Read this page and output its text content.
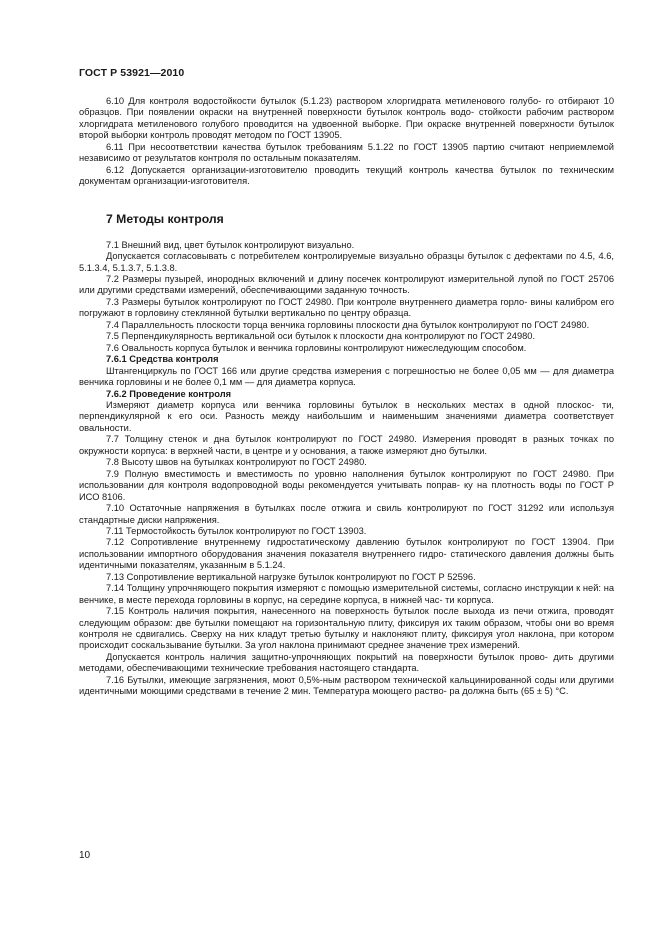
ГОСТ Р 53921—2010

6.10 Для контроля водостойкости бутылок (5.1.23) раствором хлоргидрата метиленового голубо- го отбирают 10 образцов. При появлении окраски на внутренней поверхности бутылок контроль водо- стойкости рабочим раствором хлоргидрата метиленового голубого проводится на удвоенной выборке. При окраске внутренней поверхности бутылок второй выборки контроль проводят методом по ГОСТ 13905.

6.11 При несоответствии качества бутылок требованиям 5.1.22 по ГОСТ 13905 партию считают неприемлемой независимо от результатов контроля по остальным показателям.

6.12 Допускается организации-изготовителю проводить текущий контроль качества бутылок по техническим документам организации-изготовителя.

7 Методы контроля

7.1 Внешний вид, цвет бутылок контролируют визуально.

Допускается согласовывать с потребителем контролируемые визуально образцы бутылок с дефектами по 4.5, 4.6, 5.1.3.4, 5.1.3.7, 5.1.3.8.

7.2 Размеры пузырей, инородных включений и длину посечек контролируют измерительной лупой по ГОСТ 25706 или другими средствами измерений, обеспечивающими заданную точность.

7.3 Размеры бутылок контролируют по ГОСТ 24980. При контроле внутреннего диаметра горло- вины калибром его погружают в горловину стеклянной бутылки вертикально по центру образца.

7.4 Параллельность плоскости торца венчика горловины плоскости дна бутылок контролируют по ГОСТ 24980.

7.5 Перпендикулярность вертикальной оси бутылок к плоскости дна контролируют по ГОСТ 24980.

7.6 Овальность корпуса бутылок и венчика горловины контролируют нижеследующим способом.

7.6.1 Средства контроля

Штангенциркуль по ГОСТ 166 или другие средства измерения с погрешностью не более 0,05 мм — для диаметра венчика горловины и не более 0,1 мм — для диаметра корпуса.

7.6.2 Проведение контроля

Измеряют диаметр корпуса или венчика горловины бутылок в нескольких местах в одной плоскос- ти, перпендикулярной к его оси. Разность между наибольшим и наименьшим значениями диаметра соответствует овальности.

7.7 Толщину стенок и дна бутылок контролируют по ГОСТ 24980. Измерения проводят в разных точках по окружности корпуса: в верхней части, в центре и у основания, а также измеряют дно бутылки.

7.8 Высоту швов на бутылках контролируют по ГОСТ 24980.

7.9 Полную вместимость и вместимость по уровню наполнения бутылок контролируют по ГОСТ 24980. При использовании для контроля водопроводной воды рекомендуется учитывать поправ- ку на плотность воды по ГОСТ Р ИСО 8106.

7.10 Остаточные напряжения в бутылках после отжига и свиль контролируют по ГОСТ 31292 или используя стандартные диски напряжения.

7.11 Термостойкость бутылок контролируют по ГОСТ 13903.

7.12 Сопротивление внутреннему гидростатическому давлению бутылок контролируют по ГОСТ 13904. При использовании импортного оборудования значения показателя внутреннего гидро- статического давления должны быть идентичными показателям, указанным в 5.1.24.

7.13 Сопротивление вертикальной нагрузке бутылок контролируют по ГОСТ Р 52596.

7.14 Толщину упрочняющего покрытия измеряют с помощью измерительной системы, согласно инструкции к ней: на венчике, в месте перехода горловины в корпус, на середине корпуса, в нижней час- ти корпуса.

7.15 Контроль наличия покрытия, нанесенного на поверхность бутылок после выхода из печи отжига, проводят следующим образом: две бутылки помещают на горизонтальную плиту, фиксируя их таким образом, чтобы они во время контроля не сдвигались. Сверху на них кладут третью бутылку и наклоняют плиту, фиксируя угол наклона, при котором происходит соскальзывание бутылки. За угол наклона принимают среднее значение трех измерений.

Допускается контроль наличия защитно-упрочняющих покрытий на поверхности бутылок прово- дить другими методами, обеспечивающими технические требования настоящего стандарта.

7.16 Бутылки, имеющие загрязнения, моют 0,5%-ным раствором технической кальцинированной соды или другими идентичными моющими средствами в течение 2 мин. Температура моющего раство- ра должна быть (65 ± 5) °С.

10
